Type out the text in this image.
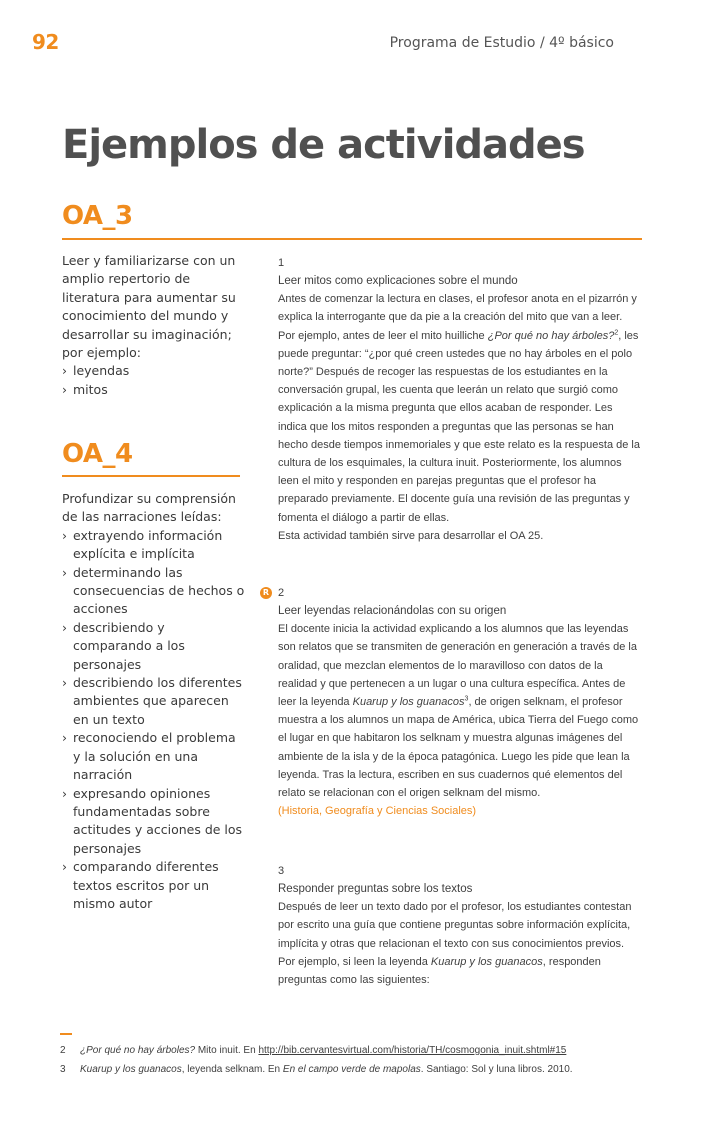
92	Programa de Estudio / 4º básico
Ejemplos de actividades
OA_3

Leer y familiarizarse con un amplio repertorio de literatura para aumentar su conocimiento del mundo y desarrollar su imaginación; por ejemplo:

› leyendas
› mitos
OA_4

Profundizar su comprensión de las narraciones leídas:

› extrayendo información explícita e implícita
› determinando las consecuencias de hechos o acciones
› describiendo y comparando a los personajes
› describiendo los diferentes ambientes que aparecen en un texto
› reconociendo el problema y la solución en una narración
› expresando opiniones fundamentadas sobre actitudes y acciones de los personajes
› comparando diferentes textos escritos por un mismo autor
1
Leer mitos como explicaciones sobre el mundo

Antes de comenzar la lectura en clases, el profesor anota en el pizarrón y explica la interrogante que da pie a la creación del mito que van a leer. Por ejemplo, antes de leer el mito huilliche ¿Por qué no hay árboles?$^2$, les puede preguntar: “¿por qué creen ustedes que no hay árboles en el polo norte?” Después de recoger las respuestas de los estudiantes en la conversación grupal, les cuenta que leerán un relato que surgió como explicación a la misma pregunta que ellos acaban de responder. Les indica que los mitos responden a preguntas que las personas se han hecho desde tiempos inmemoriales y que este relato es la respuesta de la cultura de los esquimales, la cultura inuit. Posteriormente, los alumnos leen el mito y responden en parejas preguntas que el profesor ha preparado previamente. El docente guía una revisión de las preguntas y fomenta el diálogo a partir de ellas.

Esta actividad también sirve para desarrollar el OA 25.

R 2
Leer leyendas relacionándolas con su origen

El docente inicia la actividad explicando a los alumnos que las leyendas son relatos que se transmiten de generación en generación a través de la oralidad, que mezclan elementos de lo maravilloso con datos de la realidad y que pertenecen a un lugar o una cultura específica. Antes de leer la leyenda Kuarup y los guanacos$^3$, de origen selknam, el profesor muestra a los alumnos un mapa de América, ubica Tierra del Fuego como el lugar en que habitaron los selknam y muestra algunas imágenes del ambiente de la isla y de la época patagónica. Luego les pide que lean la leyenda. Tras la lectura, escriben en sus cuadernos qué elementos del relato se relacionan con el origen selknam del mismo.

(Historia, Geografía y Ciencias Sociales)

3
Responder preguntas sobre los textos

Después de leer un texto dado por el profesor, los estudiantes contestan por escrito una guía que contiene preguntas sobre información explícita, implícita y otras que relacionan el texto con sus conocimientos previos. Por ejemplo, si leen la leyenda Kuarup y los guanacos, responden preguntas como las siguientes:

2 ¿Por qué no hay árboles? Mito inuit. En http://bib.cervantesvirtual.com/historia/TH/cosmogonia_inuit.shtml#15
3 Kuarup y los guanacos, leyenda selknam. En En el campo verde de mapolas. Santiago: Sol y luna libros. 2010.
